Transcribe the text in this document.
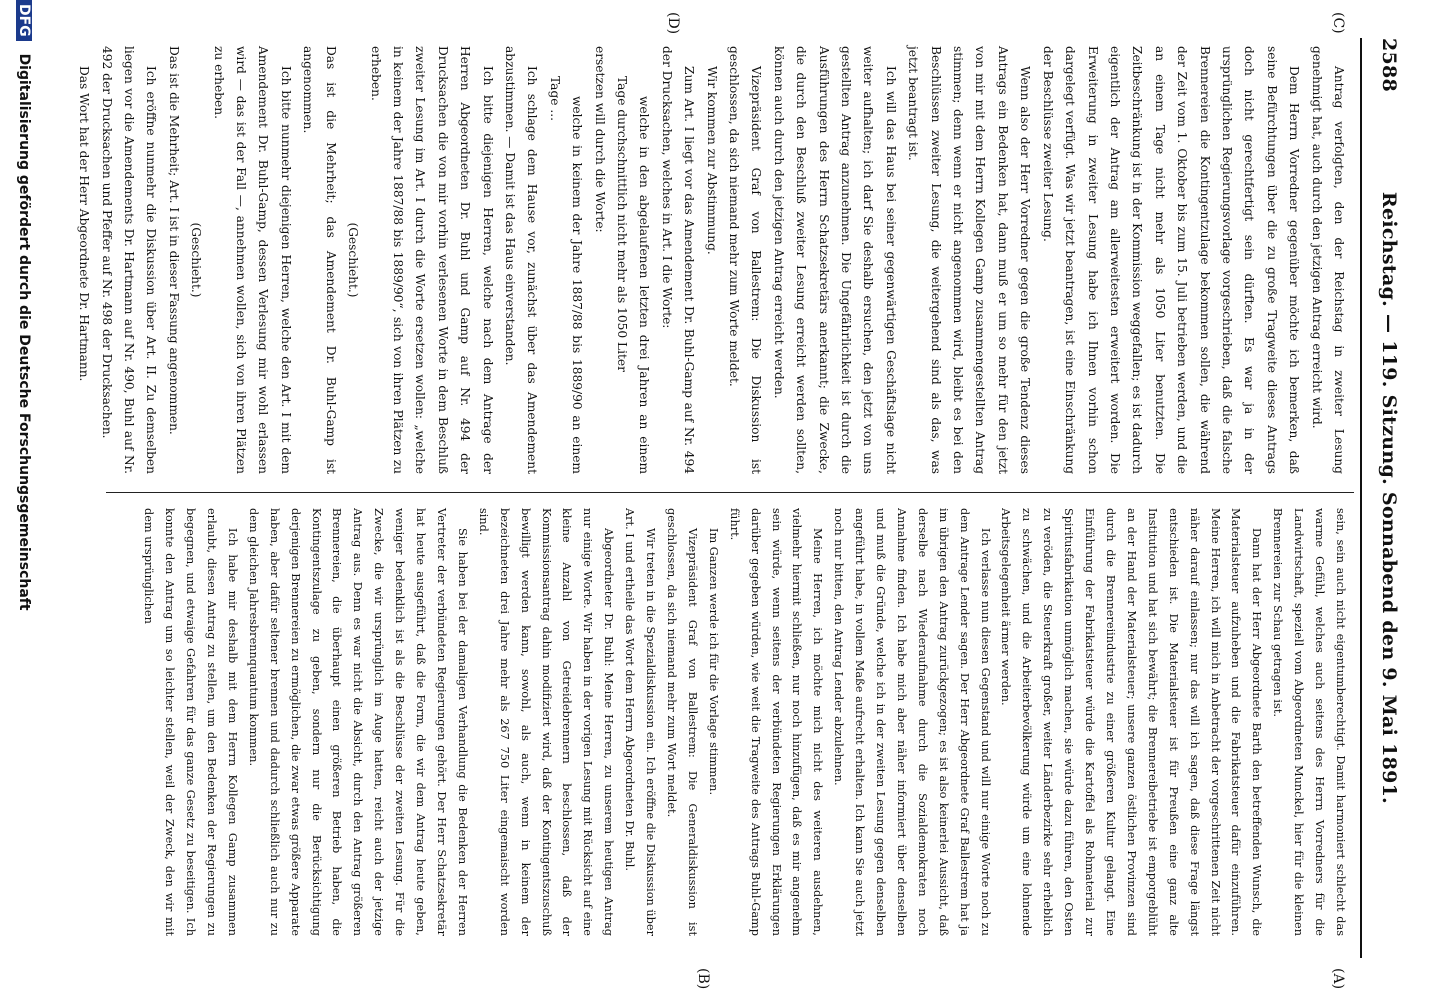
2588
Reichstag. — 119. Sitzung. Sonnabend den 9. Mai 1891.
(C)
(D)
(A)
(B)

Antrag verfolgten, den der Reichstag in zweiter Lesung genehmigt hat, auch durch den jetzigen Antrag erreicht wird.

Dem Herrn Vorredner gegenüber möchte ich bemerken, daß seine Befürchtungen über die zu große Tragweite dieses Antrags doch nicht gerechtfertigt sein dürften. Es war ja in der ursprünglichen Regierungsvorlage vorgeschrieben, daß die falsche Brennereien die Kontingentzulage bekommen sollen, die während der Zeit vom 1. Oktober bis zum 15. Juli betrieben werden, und die an einem Tage nicht mehr als 1050 Liter benutzten. Die Zeitbeschränkung ist in der Kommission weggefallen; es ist dadurch eigentlich der Antrag am allerweitesten erweitert worden. Die Erweiterung in zweiter Lesung habe ich Ihnen vorhin schon dargelegt verfügt. Was wir jetzt beantragen, ist eine Einschränkung der Beschlüsse zweiter Lesung.

Wenn also der Herr Vorredner gegen die große Tendenz dieses Antrags ein Bedenken hat, dann muß er um so mehr für den jetzt von mir mit dem Herrn Kollegen Gamp zusammengestellten Antrag stimmen; denn wenn er nicht angenommen wird, bleibt es bei den Beschlüssen zweiter Lesung, die weitergehend sind als das, was jetzt beantragt ist.

Ich will das Haus bei seiner gegenwärtigen Geschäftslage nicht weiter aufhalten; ich darf Sie deshalb ersuchen, den jetzt von uns gestellten Antrag anzunehmen. Die Ungefährlichkeit ist durch die Ausführungen des Herrn Schatzsekretärs anerkannt; die Zwecke, die durch den Beschluß zweiter Lesung erreicht werden sollten, können auch durch den jetzigen Antrag erreicht werden.

Vizepräsident Graf von Ballestrem: Die Diskussion ist geschlossen, da sich niemand mehr zum Worte meldet.

Wir kommen zur Abstimmung.

Zum Art. I liegt vor das Amendement Dr. Buhl-Gamp auf Nr. 494 der Drucksachen, welches in Art. I die Worte:

welche in den abgelaufenen letzten drei Jahren an einem Tage durchschnittlich nicht mehr als 1050 Liter

ersetzen will durch die Worte:

welche in keinem der Jahre 1887/88 bis 1889/90 an einem Tage ...

Ich schlage dem Hause vor, zunächst über das Amendement abzustimmen. — Damit ist das Haus einverstanden.

Ich bitte diejenigen Herren, welche nach dem Antrage der Herren Abgeordneten Dr. Buhl und Gamp auf Nr. 494 der Drucksachen die von mir vorhin verlesenen Worte in dem Beschluß zweiter Lesung im Art. I durch die Worte ersetzen wollen: „welche in keinem der Jahre 1887/88 bis 1889/90“, sich von ihren Plätzen zu erheben.

(Geschieht.)

Das ist die Mehrheit; das Amendement Dr. Buhl-Gamp ist angenommen.

Ich bitte nunmehr diejenigen Herren, welche den Art. I mit dem Amendement Dr. Buhl-Gamp, dessen Verlesung mir wohl erlassen wird — das ist der Fall —, annehmen wollen, sich von ihren Plätzen zu erheben.

(Geschieht.)

Das ist die Mehrheit; Art. I ist in dieser Fassung angenommen.

Ich eröffne nunmehr die Diskussion über Art. II. Zu demselben liegen vor die Amendements Dr. Hartmann auf Nr. 490, Buhl auf Nr. 492 der Drucksachen und Pfeffer auf Nr. 498 der Drucksachen.

Das Wort hat der Herr Abgeordnete Dr. Hartmann.

sein, sein auch nicht eigentumberechtigt. Damit harmoniert schlecht das warme Gefühl, welches auch seitens des Herrn Vorredners für die Landwirtschaft, speziell vom Abgeordneten Munckel, hier für die kleinen Brennereien zur Schau getragen ist.

Dann hat der Herr Abgeordnete Barth den betreffenden Wunsch, die Materialsteuer aufzuheben und die Fabrikatsteuer dafür einzuführen. Meine Herren, ich will mich in Anbetracht der vorgeschrittenen Zeit nicht näher darauf einlassen; nur das will ich sagen, daß diese Frage längst entschieden ist. Die Materialsteuer ist für Preußen eine ganz alte Institution und hat sich bewährt; die Brennereibetriebe ist emporgeblüht an der Hand der Materialsteuer; unsere ganzen östlichen Provinzen sind durch die Brennereiindustrie zu einer größeren Kultur gelangt. Eine Einführung der Fabrikatsteuer würde die Kartoffel als Rohmaterial zur Spiritusfabrikation unmöglich machen, sie würde dazu führen, den Osten zu veröden, die Steuerkraft großer, weiter Länderbezirke sehr erheblich zu schwächen, und die Arbeiterbevölkerung würde um eine lohnende Arbeitsgelegenheit ärmer werden.

Ich verlasse nun diesen Gegenstand und will nur einige Worte noch zu dem Antrage Lender sagen. Der Herr Abgeordnete Graf Ballestrem hat ja im übrigen den Antrag zurückgezogen; es ist also keinerlei Aussicht, daß derselbe nach Wiederaufnahme durch die Sozialdemokraten noch Annahme finden. Ich habe mich aber näher informiert über denselben und muß die Gründe, welche ich in der zweiten Lesung gegen denselben angeführt habe, in vollem Maße aufrecht erhalten. Ich kann Sie auch jetzt noch nur bitten, den Antrag Lender abzulehnen.

Meine Herren, ich möchte mich nicht des weiteren ausdehnen, vielmehr hiermit schließen, nur noch hinzufügen, daß es mir angenehm sein würde, wenn seitens der verbündeten Regierungen Erklärungen darüber gegeben würden, wie weit die Tragweite des Antrags Buhl-Gamp führt.

Im Ganzen werde ich für die Vorlage stimmen.

Vizepräsident Graf von Ballestrem: Die Generaldiskussion ist geschlossen, da sich niemand mehr zum Wort meldet.

Wir treten in die Spezialdiskussion ein. Ich eröffne die Diskussion über Art. I und ertheile das Wort dem Herrn Abgeordneten Dr. Buhl.

Abgeordneter Dr. Buhl: Meine Herren, zu unserem heutigen Antrag nur einige Worte. Wir haben in der vorigen Lesung mit Rücksicht auf eine kleine Anzahl von Getreidebrennern beschlossen, daß der Kommissionsantrag dahin modifiziert wird, daß der Kontingentszuschuß bewilligt werden kann, sowohl, als auch, wenn in keinem der bezeichneten drei Jahre mehr als 267 750 Liter eingemaischt worden sind.

Sie haben bei der damaligen Verhandlung die Bedenken der Herren Vertreter der verbündeten Regierungen gehört. Der Herr Schatzsekretär hat heute ausgeführt, daß die Form, die wir dem Antrag heute geben, weniger bedenklich ist als die Beschlüsse der zweiten Lesung. Für die Zwecke, die wir ursprünglich im Auge hatten, reicht auch der jetzige Antrag aus. Denn es war nicht die Absicht, durch den Antrag größeren Brennereien, die überhaupt einen größeren Betrieb haben, die Kontingentszulage zu geben, sondern nur die Berücksichtigung derjenigen Brennereien zu ermöglichen, die zwar etwas größere Apparate haben, aber dafür seltener brennen und dadurch schließlich auch nur zu dem gleichen Jahresbrennquantum kommen.

Ich habe mir deshalb mit dem Herrn Kollegen Gamp zusammen erlaubt, diesen Antrag zu stellen, um den Bedenken der Regierungen zu begegnen, und etwaige Gefahren für das ganze Gesetz zu beseitigen. Ich konnte den Antrag um so leichter stellen, weil der Zweck, den wir mit dem ursprünglichen

DFG Digitalisierung gefördert durch die Deutsche Forschungsgemeinschaft
